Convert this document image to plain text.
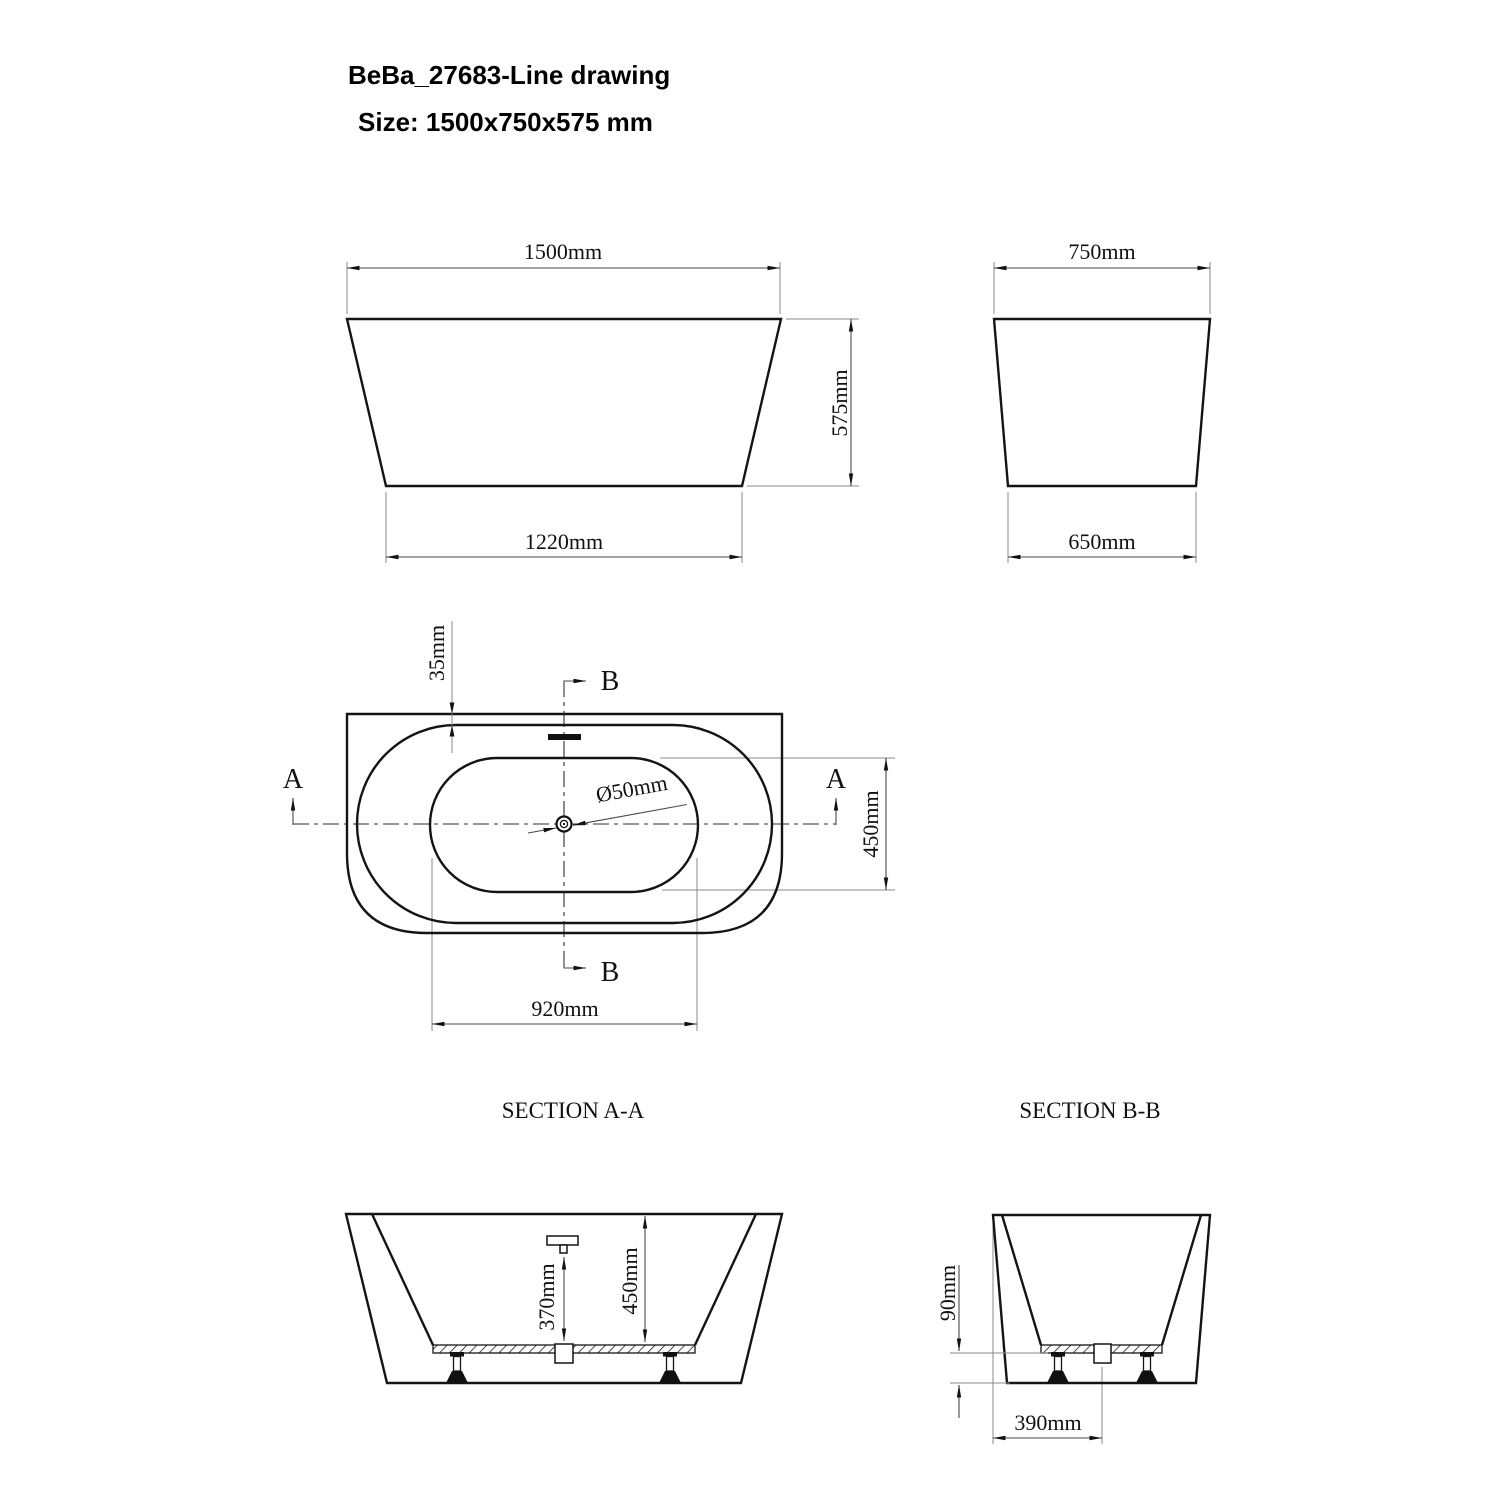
BeBa_27683-Line drawing
Size: 1500x750x575 mm
1500mm
1220mm
575mm
750mm
650mm
35mm
Ø50mm
450mm
920mm
A	A
B
B
SECTION A-A
370mm	450mm
SECTION B-B
90mm
390mm
